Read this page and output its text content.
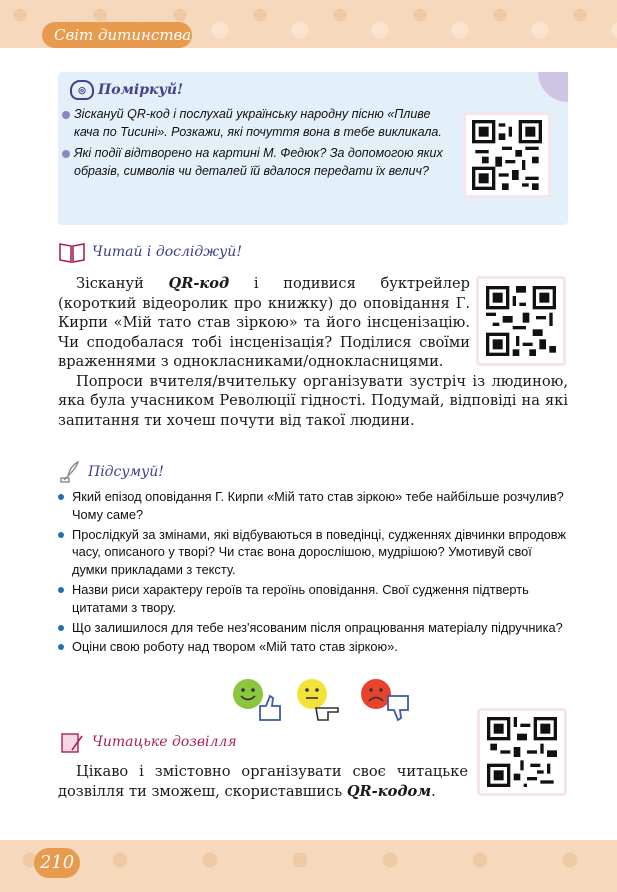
Світ дитинства
◎ Поміркуй!
Зіскануй QR-код і послухай українську народну пісню «Пливе кача по Тисині». Розкажи, які почуття вона в тебе викликала.
Які події відтворено на картині М. Федюк? За допомогою яких образів, символів чи деталей їй вдалося передати їх велич?
Читай і досліджуй!

Зіскануй QR-код і подивися буктрейлер (короткий відеоролик про книжку) до оповідання Г. Кирпи «Мій тато став зіркою» та його інсценізацію. Чи сподобалася тобі інсценізація? Поділися своїми враженнями з однокласниками/однокласницями.

Попроси вчителя/вчительку організувати зустріч із людиною, яка була учасником Революції гідності. Подумай, відповіді на які запитання ти хочеш почути від такої людини.

Підсумуй!
Який епізод оповідання Г. Кирпи «Мій тато став зіркою» тебе найбільше розчулив? Чому саме?
Прослідкуй за змінами, які відбуваються в поведінці, судженнях дівчинки впродовж часу, описаного у творі? Чи стає вона дорослішою, мудрішою? Умотивуй свої думки прикладами з тексту.
Назви риси характеру героїв та героїнь оповідання. Свої судження підтверть цитатами з твору.
Що залишилося для тебе нез'ясованим після опрацювання матеріалу підручника?
Оціни свою роботу над твором «Мій тато став зіркою».
Читацьке дозвілля

Цікаво і змістовно організувати своє читацьке дозвілля ти зможеш, скориставшись QR-кодом.

210
